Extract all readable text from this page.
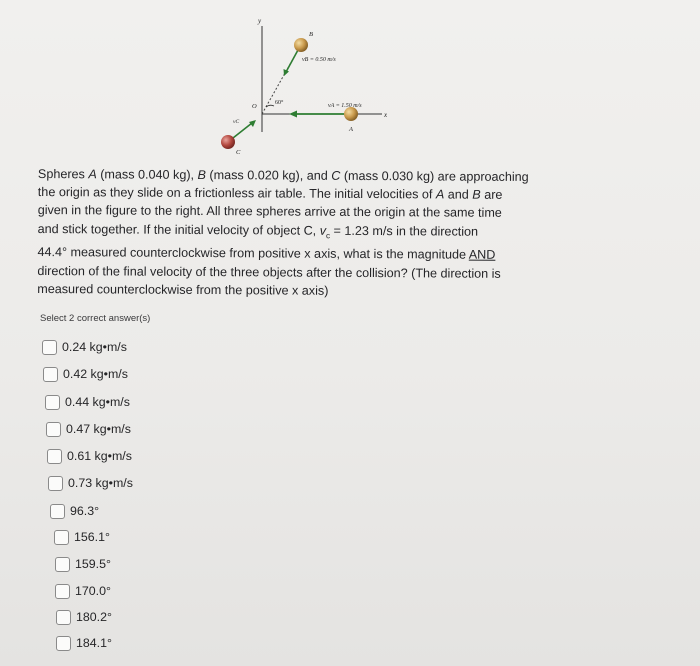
y
x
O
B
vB = 0.50 m/s
60°
A
vA = 1.50 m/s
C
vC

Spheres A (mass 0.040 kg), B (mass 0.020 kg), and C (mass 0.030 kg) are approaching

the origin as they slide on a frictionless air table. The initial velocities of A and B are

given in the figure to the right. All three spheres arrive at the origin at the same time

and stick together. If the initial velocity of object C, $v_c = 1.23$ m/s in the direction

44.4° measured counterclockwise from positive x axis, what is the magnitude AND

direction of the final velocity of the three objects after the collision? (The direction is

measured counterclockwise from the positive x axis)

Select 2 correct answer(s)
0.24 kg•m/s
0.42 kg•m/s
0.44 kg•m/s
0.47 kg•m/s
0.61 kg•m/s
0.73 kg•m/s
96.3°
156.1°
159.5°
170.0°
180.2°
184.1°
